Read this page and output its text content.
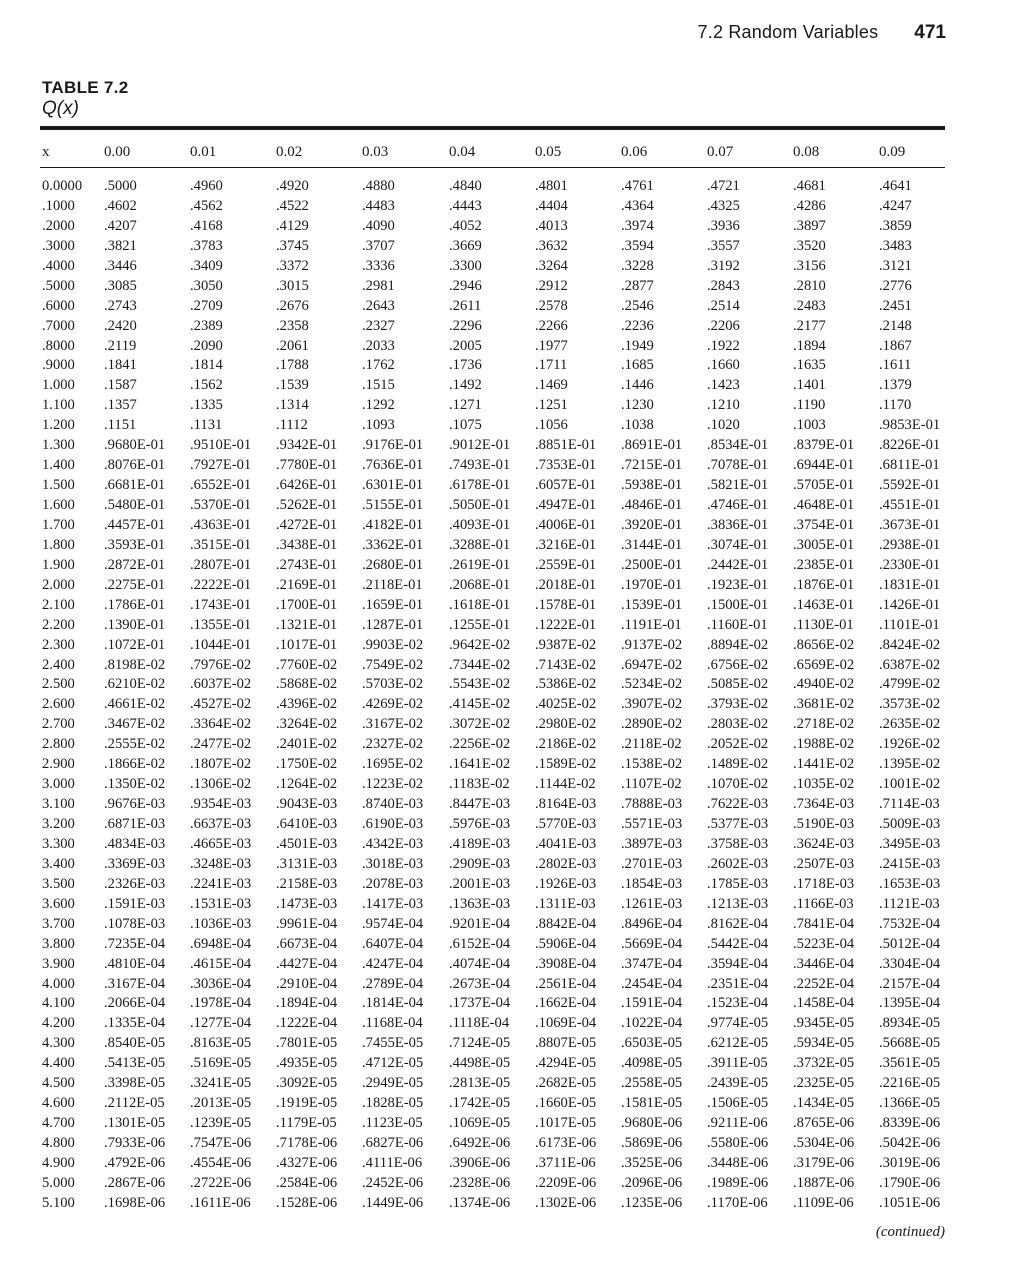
7.2 Random Variables 471
TABLE 7.2
Q(x)
x	0.00	0.01	0.02	0.03	0.04	0.05	0.06	0.07	0.08	0.09
0.0000 .5000	.4960	.4920	.4880	.4840	.4801	.4761	.4721	.4681	.4641
.1000 .4602	.4562	.4522	.4483	.4443	.4404	.4364	.4325	.4286	.4247
.2000 .4207	.4168	.4129	.4090	.4052	.4013	.3974	.3936	.3897	.3859
.3000 .3821	.3783	.3745	.3707	.3669	.3632	.3594	.3557	.3520	.3483
.4000 .3446	.3409	.3372	.3336	.3300	.3264	.3228	.3192	.3156	.3121
.5000 .3085	.3050	.3015	.2981	.2946	.2912	.2877	.2843	.2810	.2776
.6000 .2743	.2709	.2676	.2643	.2611	.2578	.2546	.2514	.2483	.2451
.7000 .2420	.2389	.2358	.2327	.2296	.2266	.2236	.2206	.2177	.2148
.8000 .2119	.2090	.2061	.2033	.2005	.1977	.1949	.1922	.1894	.1867
.9000 .1841	.1814	.1788	.1762	.1736	.1711	.1685	.1660	.1635	.1611
1.000 .1587	.1562	.1539	.1515	.1492	.1469	.1446	.1423	.1401	.1379
1.100 .1357	.1335	.1314	.1292	.1271	.1251	.1230	.1210	.1190	.1170
1.200 .1151	.1131	.1112	.1093	.1075	.1056	.1038	.1020	.1003	.9853E-01
1.300 .9680E-01 .9510E-01 .9342E-01 .9176E-01 .9012E-01 .8851E-01 .8691E-01 .8534E-01 .8379E-01 .8226E-01
1.400 .8076E-01 .7927E-01 .7780E-01 .7636E-01 .7493E-01 .7353E-01 .7215E-01 .7078E-01 .6944E-01 .6811E-01
1.500 .6681E-01 .6552E-01 .6426E-01 .6301E-01 .6178E-01 .6057E-01 .5938E-01 .5821E-01 .5705E-01 .5592E-01
1.600 .5480E-01 .5370E-01 .5262E-01 .5155E-01 .5050E-01 .4947E-01 .4846E-01 .4746E-01 .4648E-01 .4551E-01
1.700 .4457E-01 .4363E-01 .4272E-01 .4182E-01 .4093E-01 .4006E-01 .3920E-01 .3836E-01 .3754E-01 .3673E-01
1.800 .3593E-01 .3515E-01 .3438E-01 .3362E-01 .3288E-01 .3216E-01 .3144E-01 .3074E-01 .3005E-01 .2938E-01
1.900 .2872E-01 .2807E-01 .2743E-01 .2680E-01 .2619E-01 .2559E-01 .2500E-01 .2442E-01 .2385E-01 .2330E-01
2.000 .2275E-01 .2222E-01 .2169E-01 .2118E-01 .2068E-01 .2018E-01 .1970E-01 .1923E-01 .1876E-01 .1831E-01
2.100 .1786E-01 .1743E-01 .1700E-01 .1659E-01 .1618E-01 .1578E-01 .1539E-01 .1500E-01 .1463E-01 .1426E-01
2.200 .1390E-01 .1355E-01 .1321E-01 .1287E-01 .1255E-01 .1222E-01 .1191E-01 .1160E-01 .1130E-01 .1101E-01
2.300 .1072E-01 .1044E-01 .1017E-01 .9903E-02 .9642E-02 .9387E-02 .9137E-02 .8894E-02 .8656E-02 .8424E-02
2.400 .8198E-02 .7976E-02 .7760E-02 .7549E-02 .7344E-02 .7143E-02 .6947E-02 .6756E-02 .6569E-02 .6387E-02
2.500 .6210E-02 .6037E-02 .5868E-02 .5703E-02 .5543E-02 .5386E-02 .5234E-02 .5085E-02 .4940E-02 .4799E-02
2.600 .4661E-02 .4527E-02 .4396E-02 .4269E-02 .4145E-02 .4025E-02 .3907E-02 .3793E-02 .3681E-02 .3573E-02
2.700 .3467E-02 .3364E-02 .3264E-02 .3167E-02 .3072E-02 .2980E-02 .2890E-02 .2803E-02 .2718E-02 .2635E-02
2.800 .2555E-02 .2477E-02 .2401E-02 .2327E-02 .2256E-02 .2186E-02 .2118E-02 .2052E-02 .1988E-02 .1926E-02
2.900 .1866E-02 .1807E-02 .1750E-02 .1695E-02 .1641E-02 .1589E-02 .1538E-02 .1489E-02 .1441E-02 .1395E-02
3.000 .1350E-02 .1306E-02 .1264E-02 .1223E-02 .1183E-02 .1144E-02 .1107E-02 .1070E-02 .1035E-02 .1001E-02
3.100 .9676E-03 .9354E-03 .9043E-03 .8740E-03 .8447E-03 .8164E-03 .7888E-03 .7622E-03 .7364E-03 .7114E-03
3.200 .6871E-03 .6637E-03 .6410E-03 .6190E-03 .5976E-03 .5770E-03 .5571E-03 .5377E-03 .5190E-03 .5009E-03
3.300 .4834E-03 .4665E-03 .4501E-03 .4342E-03 .4189E-03 .4041E-03 .3897E-03 .3758E-03 .3624E-03 .3495E-03
3.400 .3369E-03 .3248E-03 .3131E-03 .3018E-03 .2909E-03 .2802E-03 .2701E-03 .2602E-03 .2507E-03 .2415E-03
3.500 .2326E-03 .2241E-03 .2158E-03 .2078E-03 .2001E-03 .1926E-03 .1854E-03 .1785E-03 .1718E-03 .1653E-03
3.600 .1591E-03 .1531E-03 .1473E-03 .1417E-03 .1363E-03 .1311E-03 .1261E-03 .1213E-03 .1166E-03 .1121E-03
3.700 .1078E-03 .1036E-03 .9961E-04 .9574E-04 .9201E-04 .8842E-04 .8496E-04 .8162E-04 .7841E-04 .7532E-04
3.800 .7235E-04 .6948E-04 .6673E-04 .6407E-04 .6152E-04 .5906E-04 .5669E-04 .5442E-04 .5223E-04 .5012E-04
3.900 .4810E-04 .4615E-04 .4427E-04 .4247E-04 .4074E-04 .3908E-04 .3747E-04 .3594E-04 .3446E-04 .3304E-04
4.000 .3167E-04 .3036E-04 .2910E-04 .2789E-04 .2673E-04 .2561E-04 .2454E-04 .2351E-04 .2252E-04 .2157E-04
4.100 .2066E-04 .1978E-04 .1894E-04 .1814E-04 .1737E-04 .1662E-04 .1591E-04 .1523E-04 .1458E-04 .1395E-04
4.200 .1335E-04 .1277E-04 .1222E-04 .1168E-04 .1118E-04 .1069E-04 .1022E-04 .9774E-05 .9345E-05 .8934E-05
4.300 .8540E-05 .8163E-05 .7801E-05 .7455E-05 .7124E-05 .8807E-05 .6503E-05 .6212E-05 .5934E-05 .5668E-05
4.400 .5413E-05 .5169E-05 .4935E-05 .4712E-05 .4498E-05 .4294E-05 .4098E-05 .3911E-05 .3732E-05 .3561E-05
4.500 .3398E-05 .3241E-05 .3092E-05 .2949E-05 .2813E-05 .2682E-05 .2558E-05 .2439E-05 .2325E-05 .2216E-05
4.600 .2112E-05 .2013E-05 .1919E-05 .1828E-05 .1742E-05 .1660E-05 .1581E-05 .1506E-05 .1434E-05 .1366E-05
4.700 .1301E-05 .1239E-05 .1179E-05 .1123E-05 .1069E-05 .1017E-05 .9680E-06 .9211E-06 .8765E-06 .8339E-06
4.800 .7933E-06 .7547E-06 .7178E-06 .6827E-06 .6492E-06 .6173E-06 .5869E-06 .5580E-06 .5304E-06 .5042E-06
4.900 .4792E-06 .4554E-06 .4327E-06 .4111E-06 .3906E-06 .3711E-06 .3525E-06 .3448E-06 .3179E-06 .3019E-06
5.000 .2867E-06 .2722E-06 .2584E-06 .2452E-06 .2328E-06 .2209E-06 .2096E-06 .1989E-06 .1887E-06 .1790E-06
5.100 .1698E-06 .1611E-06 .1528E-06 .1449E-06 .1374E-06 .1302E-06 .1235E-06 .1170E-06 .1109E-06 .1051E-06
(continued)
